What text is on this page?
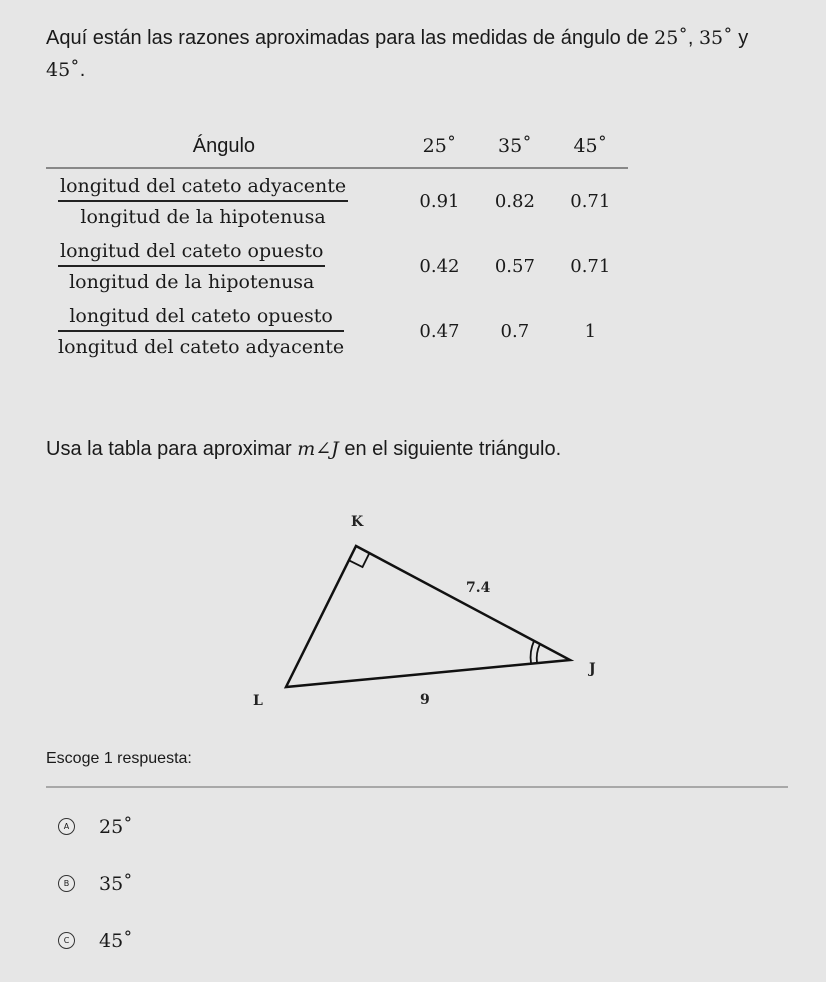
Aquí están las razones aproximadas para las medidas de ángulo de 25˚, 35˚ y
45˚.
Ángulo	25˚	35˚	45˚

$\frac{\text{longitud del cateto adyacente}}{\text{longitud de la hipotenusa}}$	0.91	0.82	0.71

$\frac{\text{longitud del cateto opuesto}}{\text{longitud de la hipotenusa}}$	0.42	0.57	0.71

$\frac{\text{longitud del cateto opuesto}}{\text{longitud del cateto adyacente}}$	0.47	0.7	1
Usa la tabla para aproximar m∠J en el siguiente triángulo.
K
L
J
7.4
9
Escoge 1 respuesta:
A	25˚
B	35˚
C	45˚
